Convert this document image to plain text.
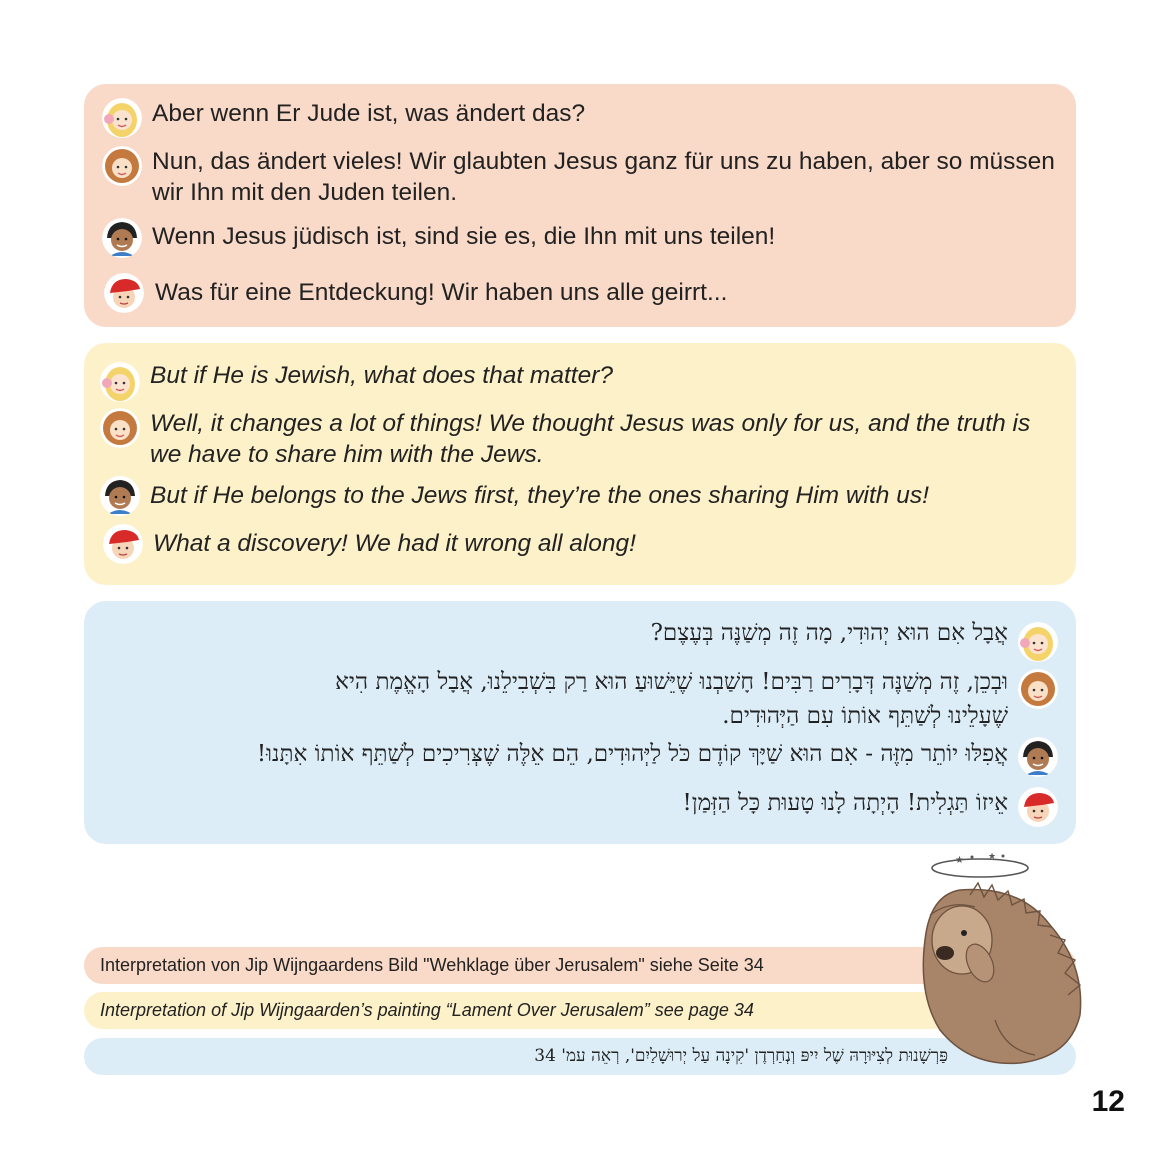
Aber wenn Er Jude ist, was ändert das?
Nun, das ändert vieles! Wir glaubten Jesus ganz für uns zu haben, aber so müssen
wir Ihn mit den Juden teilen.
Wenn Jesus jüdisch ist, sind sie es, die Ihn mit uns teilen!
Was für eine Entdeckung! Wir haben uns alle geirrt...
But if He is Jewish, what does that matter?
Well, it changes a lot of things! We thought Jesus was only for us, and the truth is
we have to share him with the Jews.
But if He belongs to the Jews first, they’re the ones sharing Him with us!
What a discovery! We had it wrong all along!
אֲבָל אִם הוּא יְהוּדִי, מָה זֶה מְשַׁנֶּה בְּעֶצֶם?
וּבְכֵן, זֶה מְשַׁנֶּה דְּבָרִים רַבִּים! חָשַׁבְנוּ שֶׁיֵּשׁוּעַ הוּא רַק בִּשְׁבִילֵנוּ, אֲבָל הָאֱמֶת הִיא
שֶׁעָלֵינוּ לְשַׁתֵּף אוֹתוֹ עִם הַיְּהוּדִים.
אֲפִלּוּ יוֹתֵר מִזֶּה - אִם הוּא שַׁיָּךְ קוֹדֶם כֹּל לַיְּהוּדִים, הֵם אֵלֶּה שֶׁצְּרִיכִים לְשַׁתֵּף אוֹתוֹ אִתָּנוּ!
אֵיזוֹ תַּגְלִית! הָיְתָה לָנוּ טָעוּת כָּל הַזְּמַן!
Interpretation von Jip Wijngaardens Bild "Wehklage über Jerusalem" siehe Seite 34
Interpretation of Jip Wijngaarden’s painting “Lament Over Jerusalem” see page 34
פַּרְשָׁנוּת לְצִיּוּרָהּ שֶׁל יִיפּ וְנְחַרְדֶן 'קִינָה עַל יְרוּשָׁלַיִם', רְאֵה עמ' 34
★	★
12
